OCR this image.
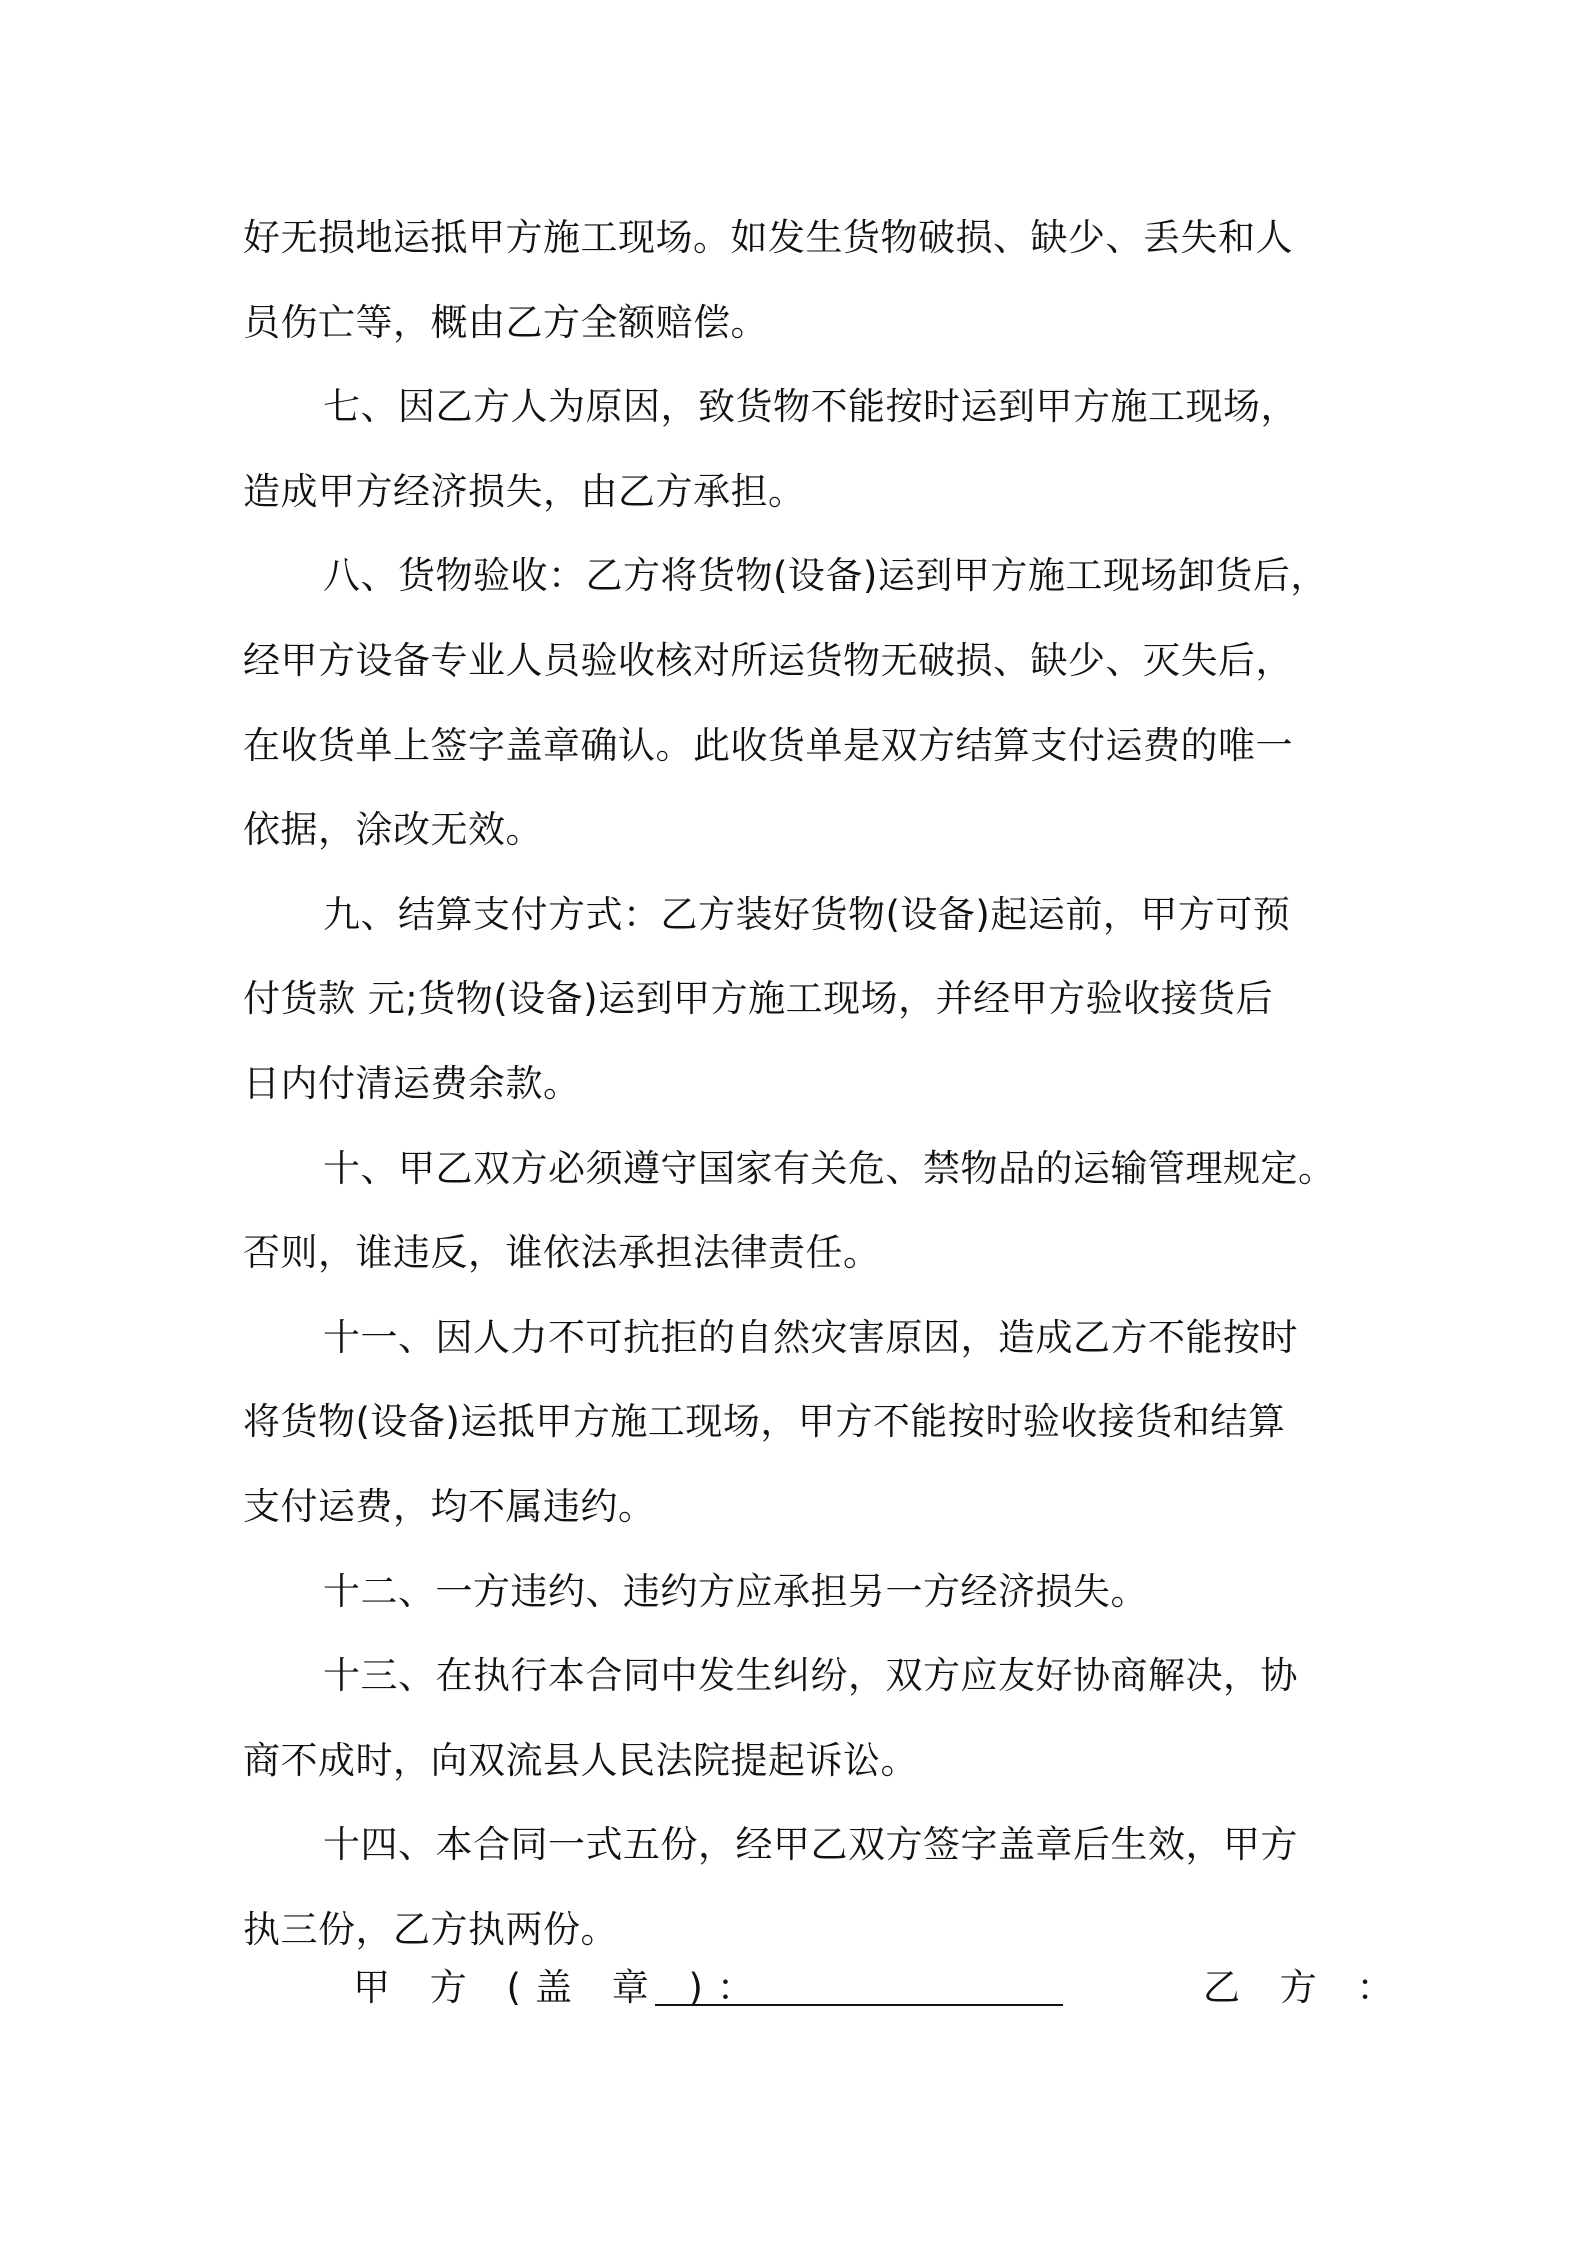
好无损地运抵甲方施工现场。如发生货物破损、缺少、丢失和人
员伤亡等，概由乙方全额赔偿。
七、因乙方人为原因，致货物不能按时运到甲方施工现场，
造成甲方经济损失，由乙方承担。
八、货物验收：乙方将货物(设备)运到甲方施工现场卸货后，
经甲方设备专业人员验收核对所运货物无破损、缺少、灭失后，
在收货单上签字盖章确认。此收货单是双方结算支付运费的唯一
依据，涂改无效。
九、结算支付方式：乙方装好货物(设备)起运前，甲方可预
付货款 元;货物(设备)运到甲方施工现场，并经甲方验收接货后
日内付清运费余款。
十、甲乙双方必须遵守国家有关危、禁物品的运输管理规定。
否则，谁违反，谁依法承担法律责任。
十一、因人力不可抗拒的自然灾害原因，造成乙方不能按时
将货物(设备)运抵甲方施工现场，甲方不能按时验收接货和结算
支付运费，均不属违约。
十二、一方违约、违约方应承担另一方经济损失。
十三、在执行本合同中发生纠纷，双方应友好协商解决，协
商不成时，向双流县人民法院提起诉讼。
十四、本合同一式五份，经甲乙双方签字盖章后生效，甲方
执三份，乙方执两份。
甲 方 (盖 章 )：	乙 方 ：
